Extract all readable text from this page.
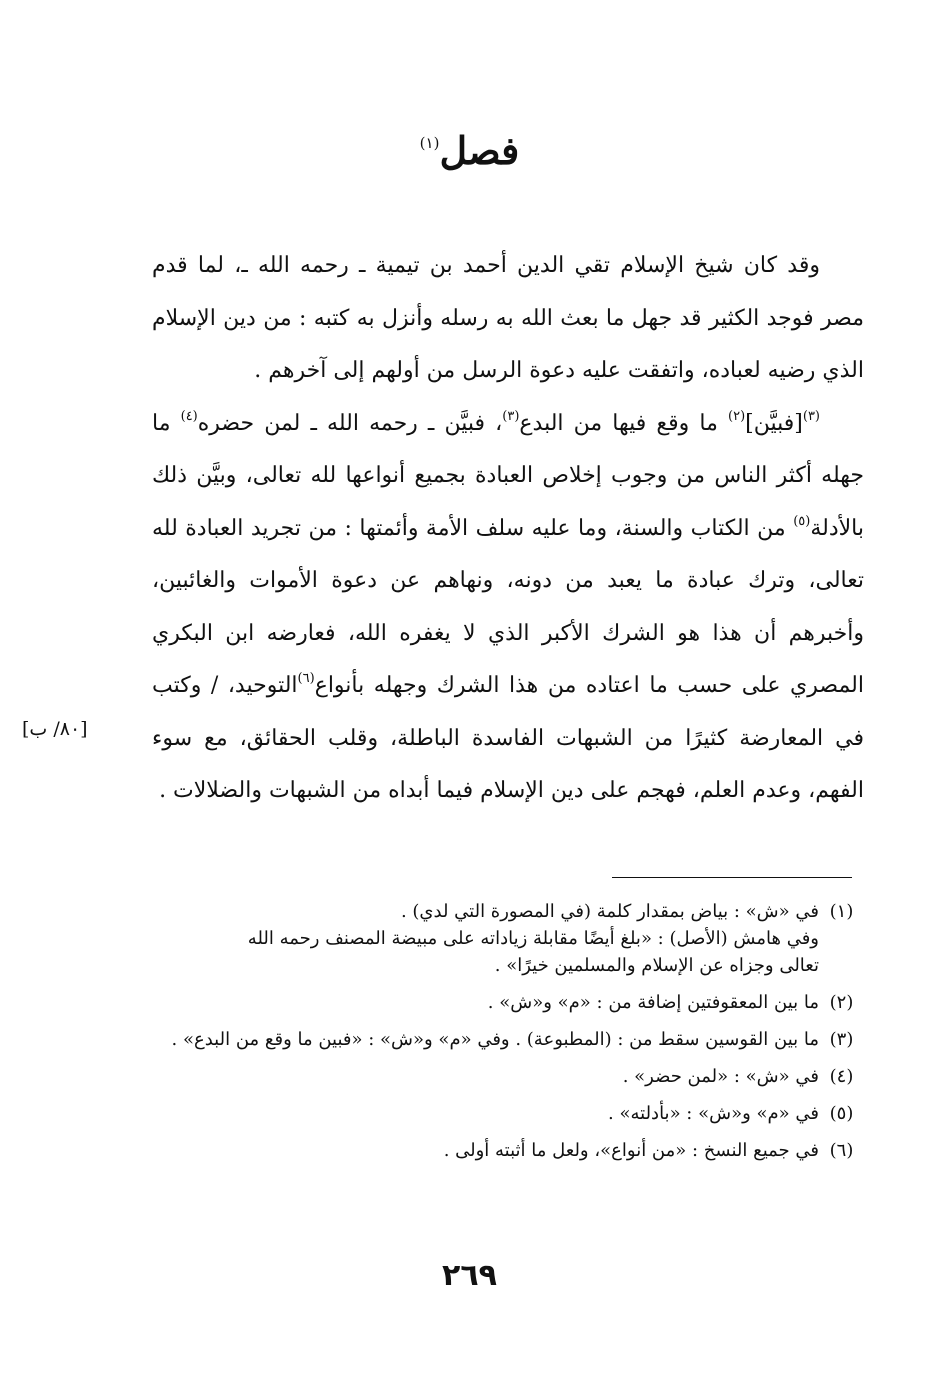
فصل$^{(١)}$

وقد كان شيخ الإسلام تقي الدين أحمد بن تيمية ـ رحمه الله ـ، لما قدم مصر فوجد الكثير قد جهل ما بعث الله به رسله وأنزل به كتبه : من دين الإسلام الذي رضيه لعباده، واتفقت عليه دعوة الرسل من أولهم إلى آخرهم .

$^{(٣)}$[فبيَّن]$^{(٢)}$ ما وقع فيها من البدع$^{(٣)}$، فبيَّن ـ رحمه الله ـ لمن حضره$^{(٤)}$ ما جهله أكثر الناس من وجوب إخلاص العبادة بجميع أنواعها لله تعالى، وبيَّن ذلك بالأدلة$^{(٥)}$ من الكتاب والسنة، وما عليه سلف الأمة وأئمتها : من تجريد العبادة لله تعالى، وترك عبادة ما يعبد من دونه، ونهاهم عن دعوة الأموات والغائبين، وأخبرهم أن هذا هو الشرك الأكبر الذي لا يغفره الله، فعارضه ابن البكري المصري على حسب ما اعتاده من هذا الشرك وجهله بأنواع$^{(٦)}$التوحيد، / وكتب في المعارضة كثيرًا من الشبهات الفاسدة الباطلة، وقلب الحقائق، مع سوء الفهم، وعدم العلم، فهجم على دين الإسلام فيما أبداه من الشبهات والضلالات .

[٨٠/ ب]
(١)
في «ش» : بياض بمقدار كلمة (في المصورة التي لدي) .
وفي هامش (الأصل) : «بلغ أيضًا مقابلة زياداته على مبيضة المصنف رحمه الله
تعالى وجزاه عن الإسلام والمسلمين خيرًا» .
(٢)
ما بين المعقوفتين إضافة من : «م» و«ش» .
(٣)
ما بين القوسين سقط من : (المطبوعة) . وفي «م» و«ش» : «فبين ما وقع من البدع» .
(٤)
في «ش» : «لمن حضر» .
(٥)
في «م» و«ش» : «بأدلته» .
(٦)
في جميع النسخ : «من أنواع»، ولعل ما أثبته أولى .
٢٦٩
